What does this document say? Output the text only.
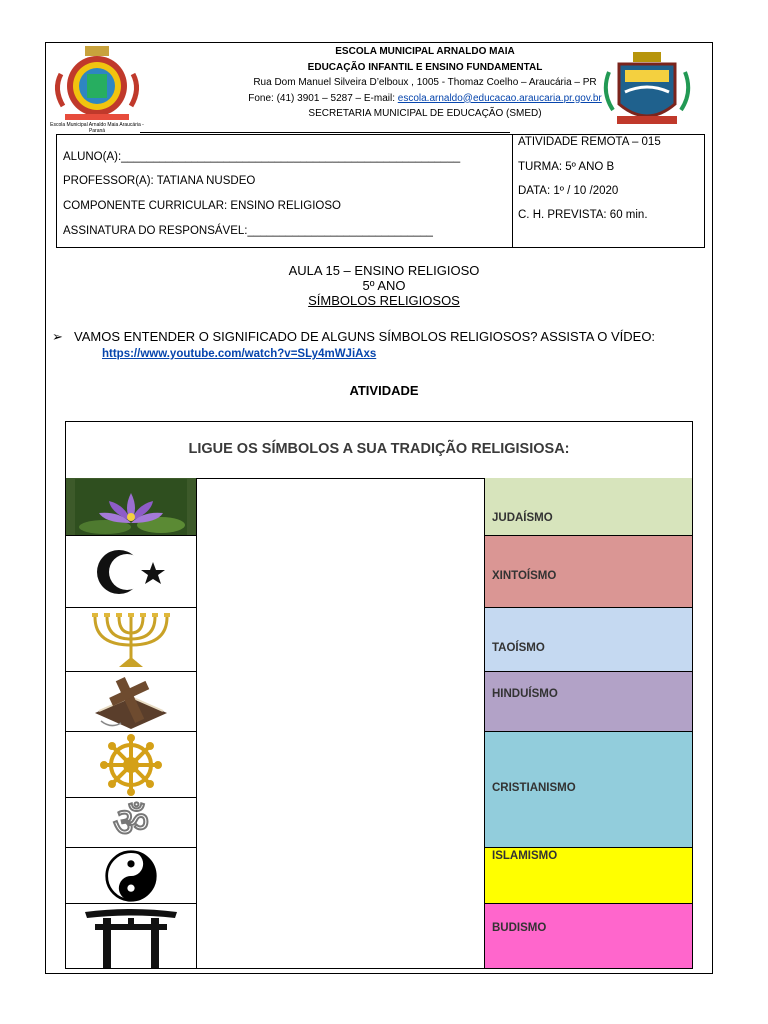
Escola Municipal Arnaldo Maia Araucária - Paraná
ESCOLA MUNICIPAL ARNALDO MAIA
EDUCAÇÃO INFANTIL E ENSINO FUNDAMENTAL
Rua Dom Manuel Silveira D’elboux , 1005 - Thomaz Coelho – Araucária – PR
Fone: (41) 3901 – 5287 – E-mail: escola.arnaldo@educacao.araucaria.pr.gov.br
SECRETARIA MUNICIPAL DE EDUCAÇÃO (SMED)
ALUNO(A):_____________________________________________________
PROFESSOR(A): TATIANA NUSDEO
COMPONENTE CURRICULAR: ENSINO RELIGIOSO
ASSINATURA DO RESPONSÁVEL:_____________________________
ATIVIDADE REMOTA – 015
TURMA: 5º ANO B
DATA: 1º / 10 /2020
C. H. PREVISTA: 60 min.
AULA 15 – ENSINO RELIGIOSO
5º ANO
SÍMBOLOS RELIGIOSOS
➢ VAMOS ENTENDER O SIGNIFICADO DE ALGUNS SÍMBOLOS RELIGIOSOS? ASSISTA O VÍDEO:
https://www.youtube.com/watch?v=SLy4mWJiAxs
ATIVIDADE
LIGUE OS SÍMBOLOS A SUA TRADIÇÃO RELIGISIOSA:
ॐ
JUDAÍSMO
XINTOÍSMO
TAOÍSMO
HINDUÍSMO
CRISTIANISMO
ISLAMISMO
BUDISMO
